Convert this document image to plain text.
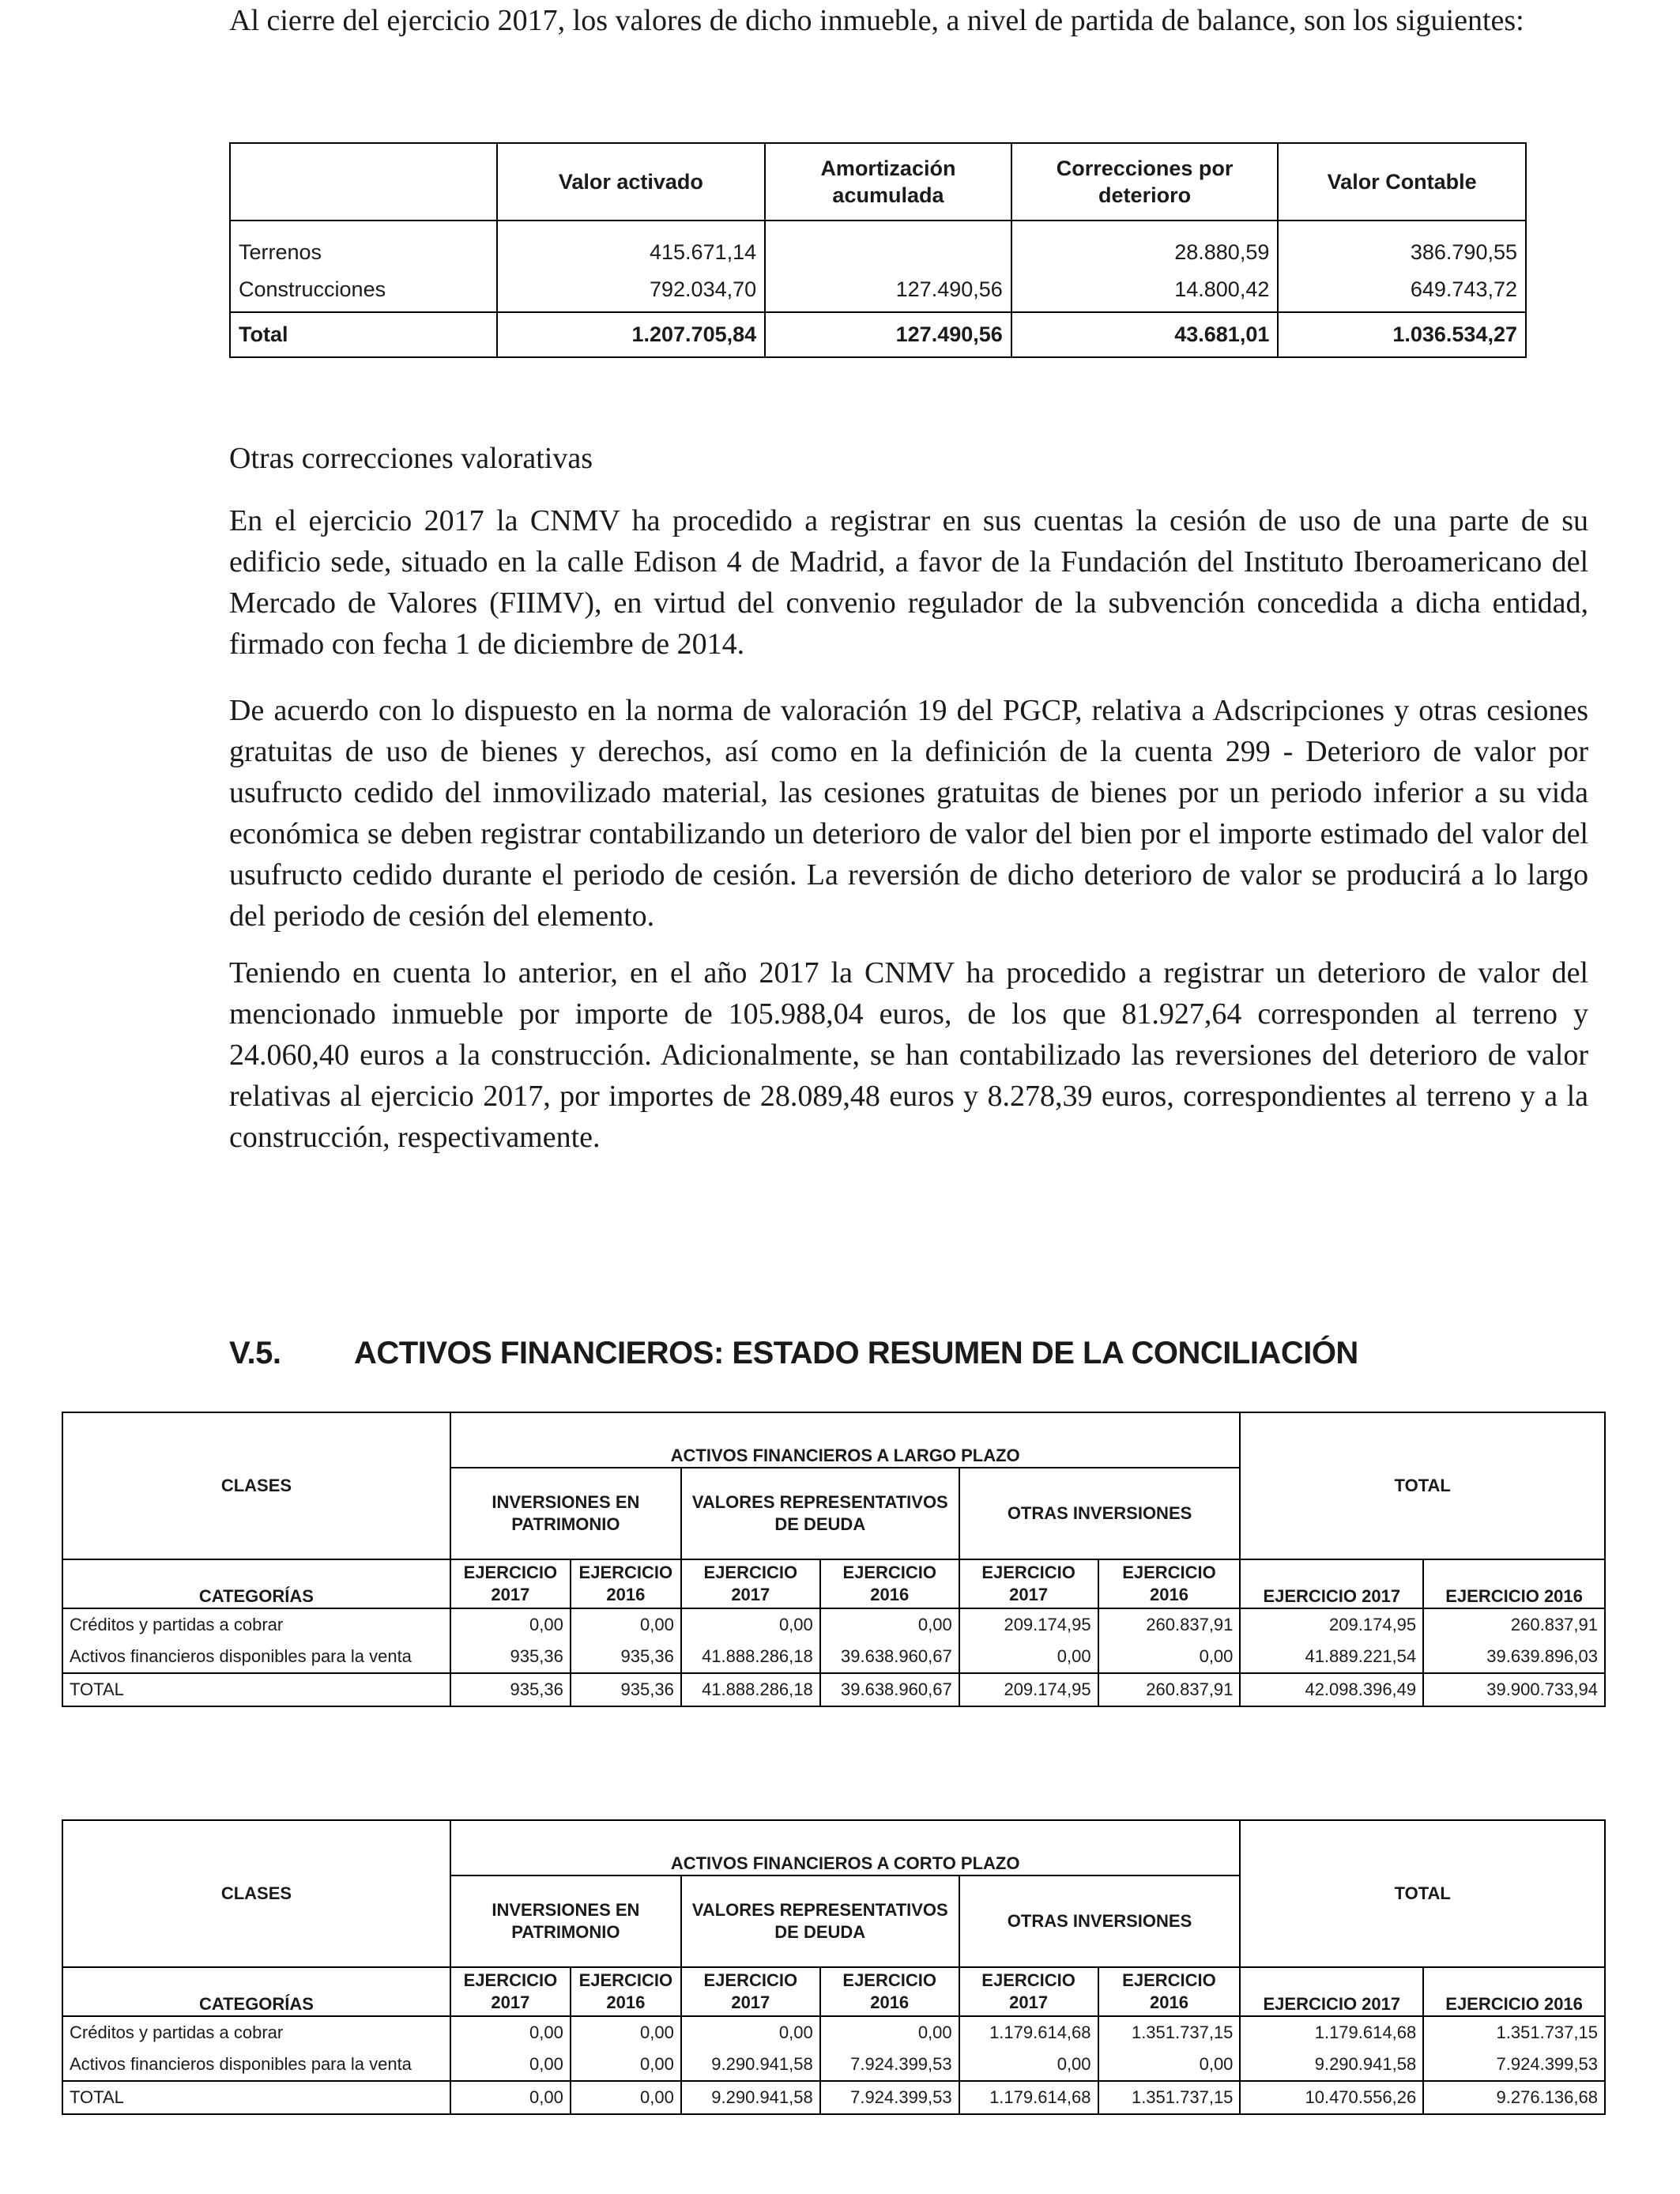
Al cierre del ejercicio 2017, los valores de dicho inmueble, a nivel de partida de balance, son los siguientes:
	Valor activado	Amortización acumulada	Correcciones por deterioro	Valor Contable
Terrenos	415.671,14		28.880,59	386.790,55
Construcciones	792.034,70	127.490,56	14.800,42	649.743,72
Total	1.207.705,84	127.490,56	43.681,01	1.036.534,27
Otras correcciones valorativas
En el ejercicio 2017 la CNMV ha procedido a registrar en sus cuentas la cesión de uso de una parte de su edificio sede, situado en la calle Edison 4 de Madrid, a favor de la Fundación del Instituto Iberoamericano del Mercado de Valores (FIIMV), en virtud del convenio regulador de la subvención concedida a dicha entidad, firmado con fecha 1 de diciembre de 2014.
De acuerdo con lo dispuesto en la norma de valoración 19 del PGCP, relativa a Adscripciones y otras cesiones gratuitas de uso de bienes y derechos, así como en la definición de la cuenta 299 - Deterioro de valor por usufructo cedido del inmovilizado material, las cesiones gratuitas de bienes por un periodo inferior a su vida económica se deben registrar contabilizando un deterioro de valor del bien por el importe estimado del valor del usufructo cedido durante el periodo de cesión. La reversión de dicho deterioro de valor se producirá a lo largo del periodo de cesión del elemento.
Teniendo en cuenta lo anterior, en el año 2017 la CNMV ha procedido a registrar un deterioro de valor del mencionado inmueble por importe de 105.988,04 euros, de los que 81.927,64 corresponden al terreno y 24.060,40 euros a la construcción. Adicionalmente, se han contabilizado las reversiones del deterioro de valor relativas al ejercicio 2017, por importes de 28.089,48 euros y 8.278,39 euros, correspondientes al terreno y a la construcción, respectivamente.
V.5. ACTIVOS FINANCIEROS: ESTADO RESUMEN DE LA CONCILIACIÓN
CLASES	ACTIVOS FINANCIEROS A LARGO PLAZO						TOTAL	
	INVERSIONES EN PATRIMONIO		VALORES REPRESENTATIVOS DE DEUDA		OTRAS INVERSIONES			
CATEGORÍAS	EJERCICIO 2017	EJERCICIO 2016	EJERCICIO 2017	EJERCICIO 2016	EJERCICIO 2017	EJERCICIO 2016	EJERCICIO 2017	EJERCICIO 2016
Créditos y partidas a cobrar	0,00	0,00	0,00	0,00	209.174,95	260.837,91	209.174,95	260.837,91
Activos financieros disponibles para la venta	935,36	935,36	41.888.286,18	39.638.960,67	0,00	0,00	41.889.221,54	39.639.896,03
TOTAL	935,36	935,36	41.888.286,18	39.638.960,67	209.174,95	260.837,91	42.098.396,49	39.900.733,94
CLASES	ACTIVOS FINANCIEROS A CORTO PLAZO						TOTAL	
	INVERSIONES EN PATRIMONIO		VALORES REPRESENTATIVOS DE DEUDA		OTRAS INVERSIONES			
CATEGORÍAS	EJERCICIO 2017	EJERCICIO 2016	EJERCICIO 2017	EJERCICIO 2016	EJERCICIO 2017	EJERCICIO 2016	EJERCICIO 2017	EJERCICIO 2016
Créditos y partidas a cobrar	0,00	0,00	0,00	0,00	1.179.614,68	1.351.737,15	1.179.614,68	1.351.737,15
Activos financieros disponibles para la venta	0,00	0,00	9.290.941,58	7.924.399,53	0,00	0,00	9.290.941,58	7.924.399,53
TOTAL	0,00	0,00	9.290.941,58	7.924.399,53	1.179.614,68	1.351.737,15	10.470.556,26	9.276.136,68
